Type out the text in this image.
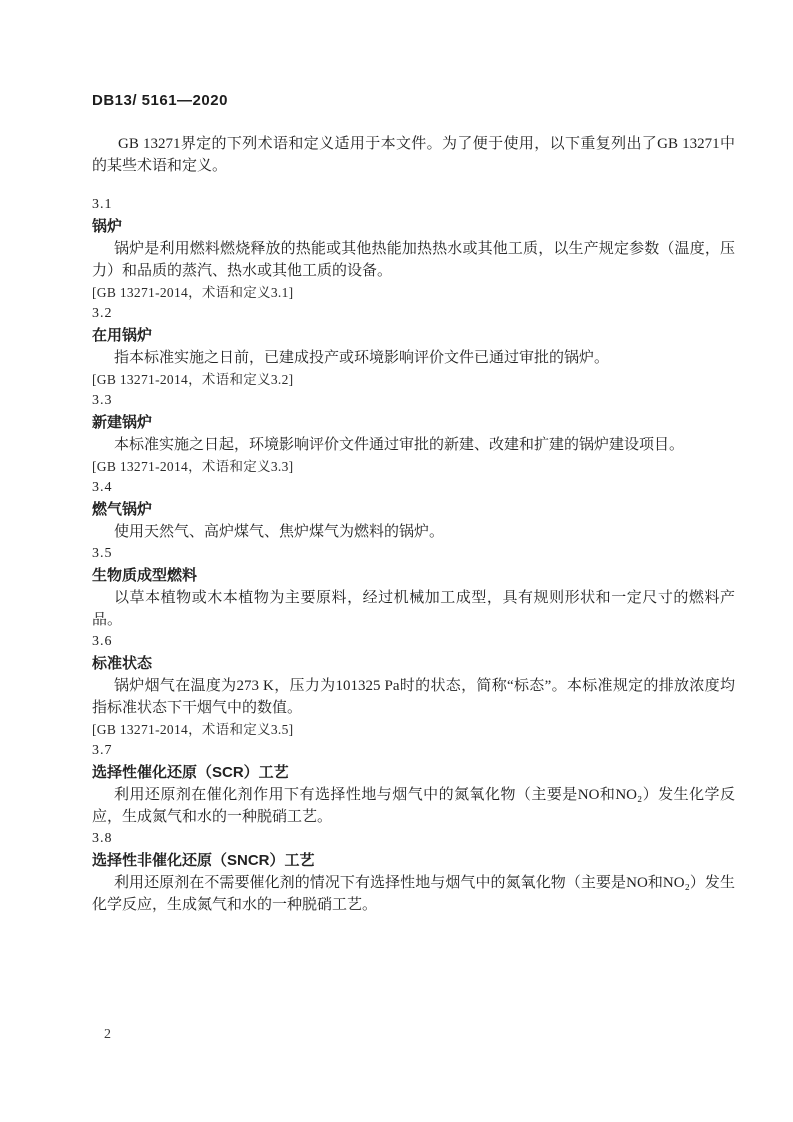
DB13/ 5161—2020

GB 13271界定的下列术语和定义适用于本文件。为了便于使用，以下重复列出了GB 13271中的某些术语和定义。

3.1

锅炉

锅炉是利用燃料燃烧释放的热能或其他热能加热热水或其他工质，以生产规定参数（温度，压力）和品质的蒸汽、热水或其他工质的设备。

[GB 13271-2014，术语和定义3.1]

3.2

在用锅炉

指本标准实施之日前，已建成投产或环境影响评价文件已通过审批的锅炉。

[GB 13271-2014，术语和定义3.2]

3.3

新建锅炉

本标准实施之日起，环境影响评价文件通过审批的新建、改建和扩建的锅炉建设项目。

[GB 13271-2014，术语和定义3.3]

3.4

燃气锅炉

使用天然气、高炉煤气、焦炉煤气为燃料的锅炉。

3.5

生物质成型燃料

以草本植物或木本植物为主要原料，经过机械加工成型，具有规则形状和一定尺寸的燃料产品。

3.6

标准状态

锅炉烟气在温度为273 K，压力为101325 Pa时的状态，简称“标态”。本标准规定的排放浓度均指标准状态下干烟气中的数值。

[GB 13271-2014，术语和定义3.5]

3.7

选择性催化还原（SCR）工艺

利用还原剂在催化剂作用下有选择性地与烟气中的氮氧化物（主要是NO和NO₂）发生化学反应，生成氮气和水的一种脱硝工艺。

3.8

选择性非催化还原（SNCR）工艺

利用还原剂在不需要催化剂的情况下有选择性地与烟气中的氮氧化物（主要是NO和NO₂）发生化学反应，生成氮气和水的一种脱硝工艺。

2
